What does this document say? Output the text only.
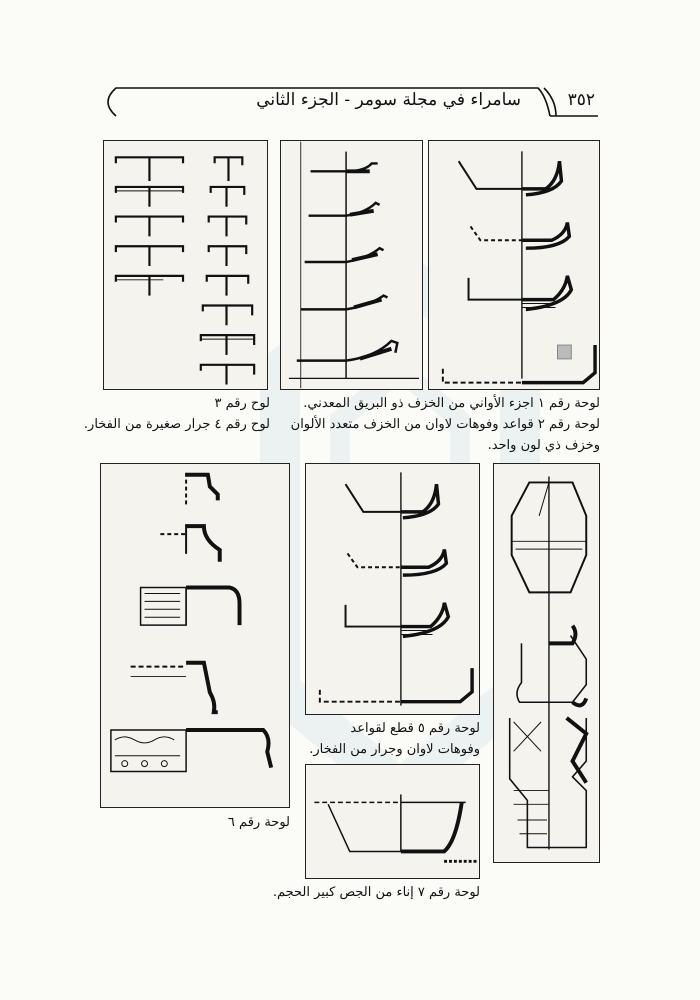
سامراء في مجلة سومر - الجزء الثاني	٣٥٢
لوحة رقم ١ اجزء الأواني من الخزف ذو البريق المعدني.
لوحة رقم ٢ قواعد وفوهات لاوان من الخزف متعدد الألوان وخزف ذي لون واحد.
لوح رقم ٣
لوح رقم ٤ جرار صغيرة من الفخار.
لوحة رقم ٥ قطع لقواعد وفوهات لاوان وجرار من الفخار.
لوحة رقم ٦
لوحة رقم ٧ إناء من الجص كبير الحجم.
